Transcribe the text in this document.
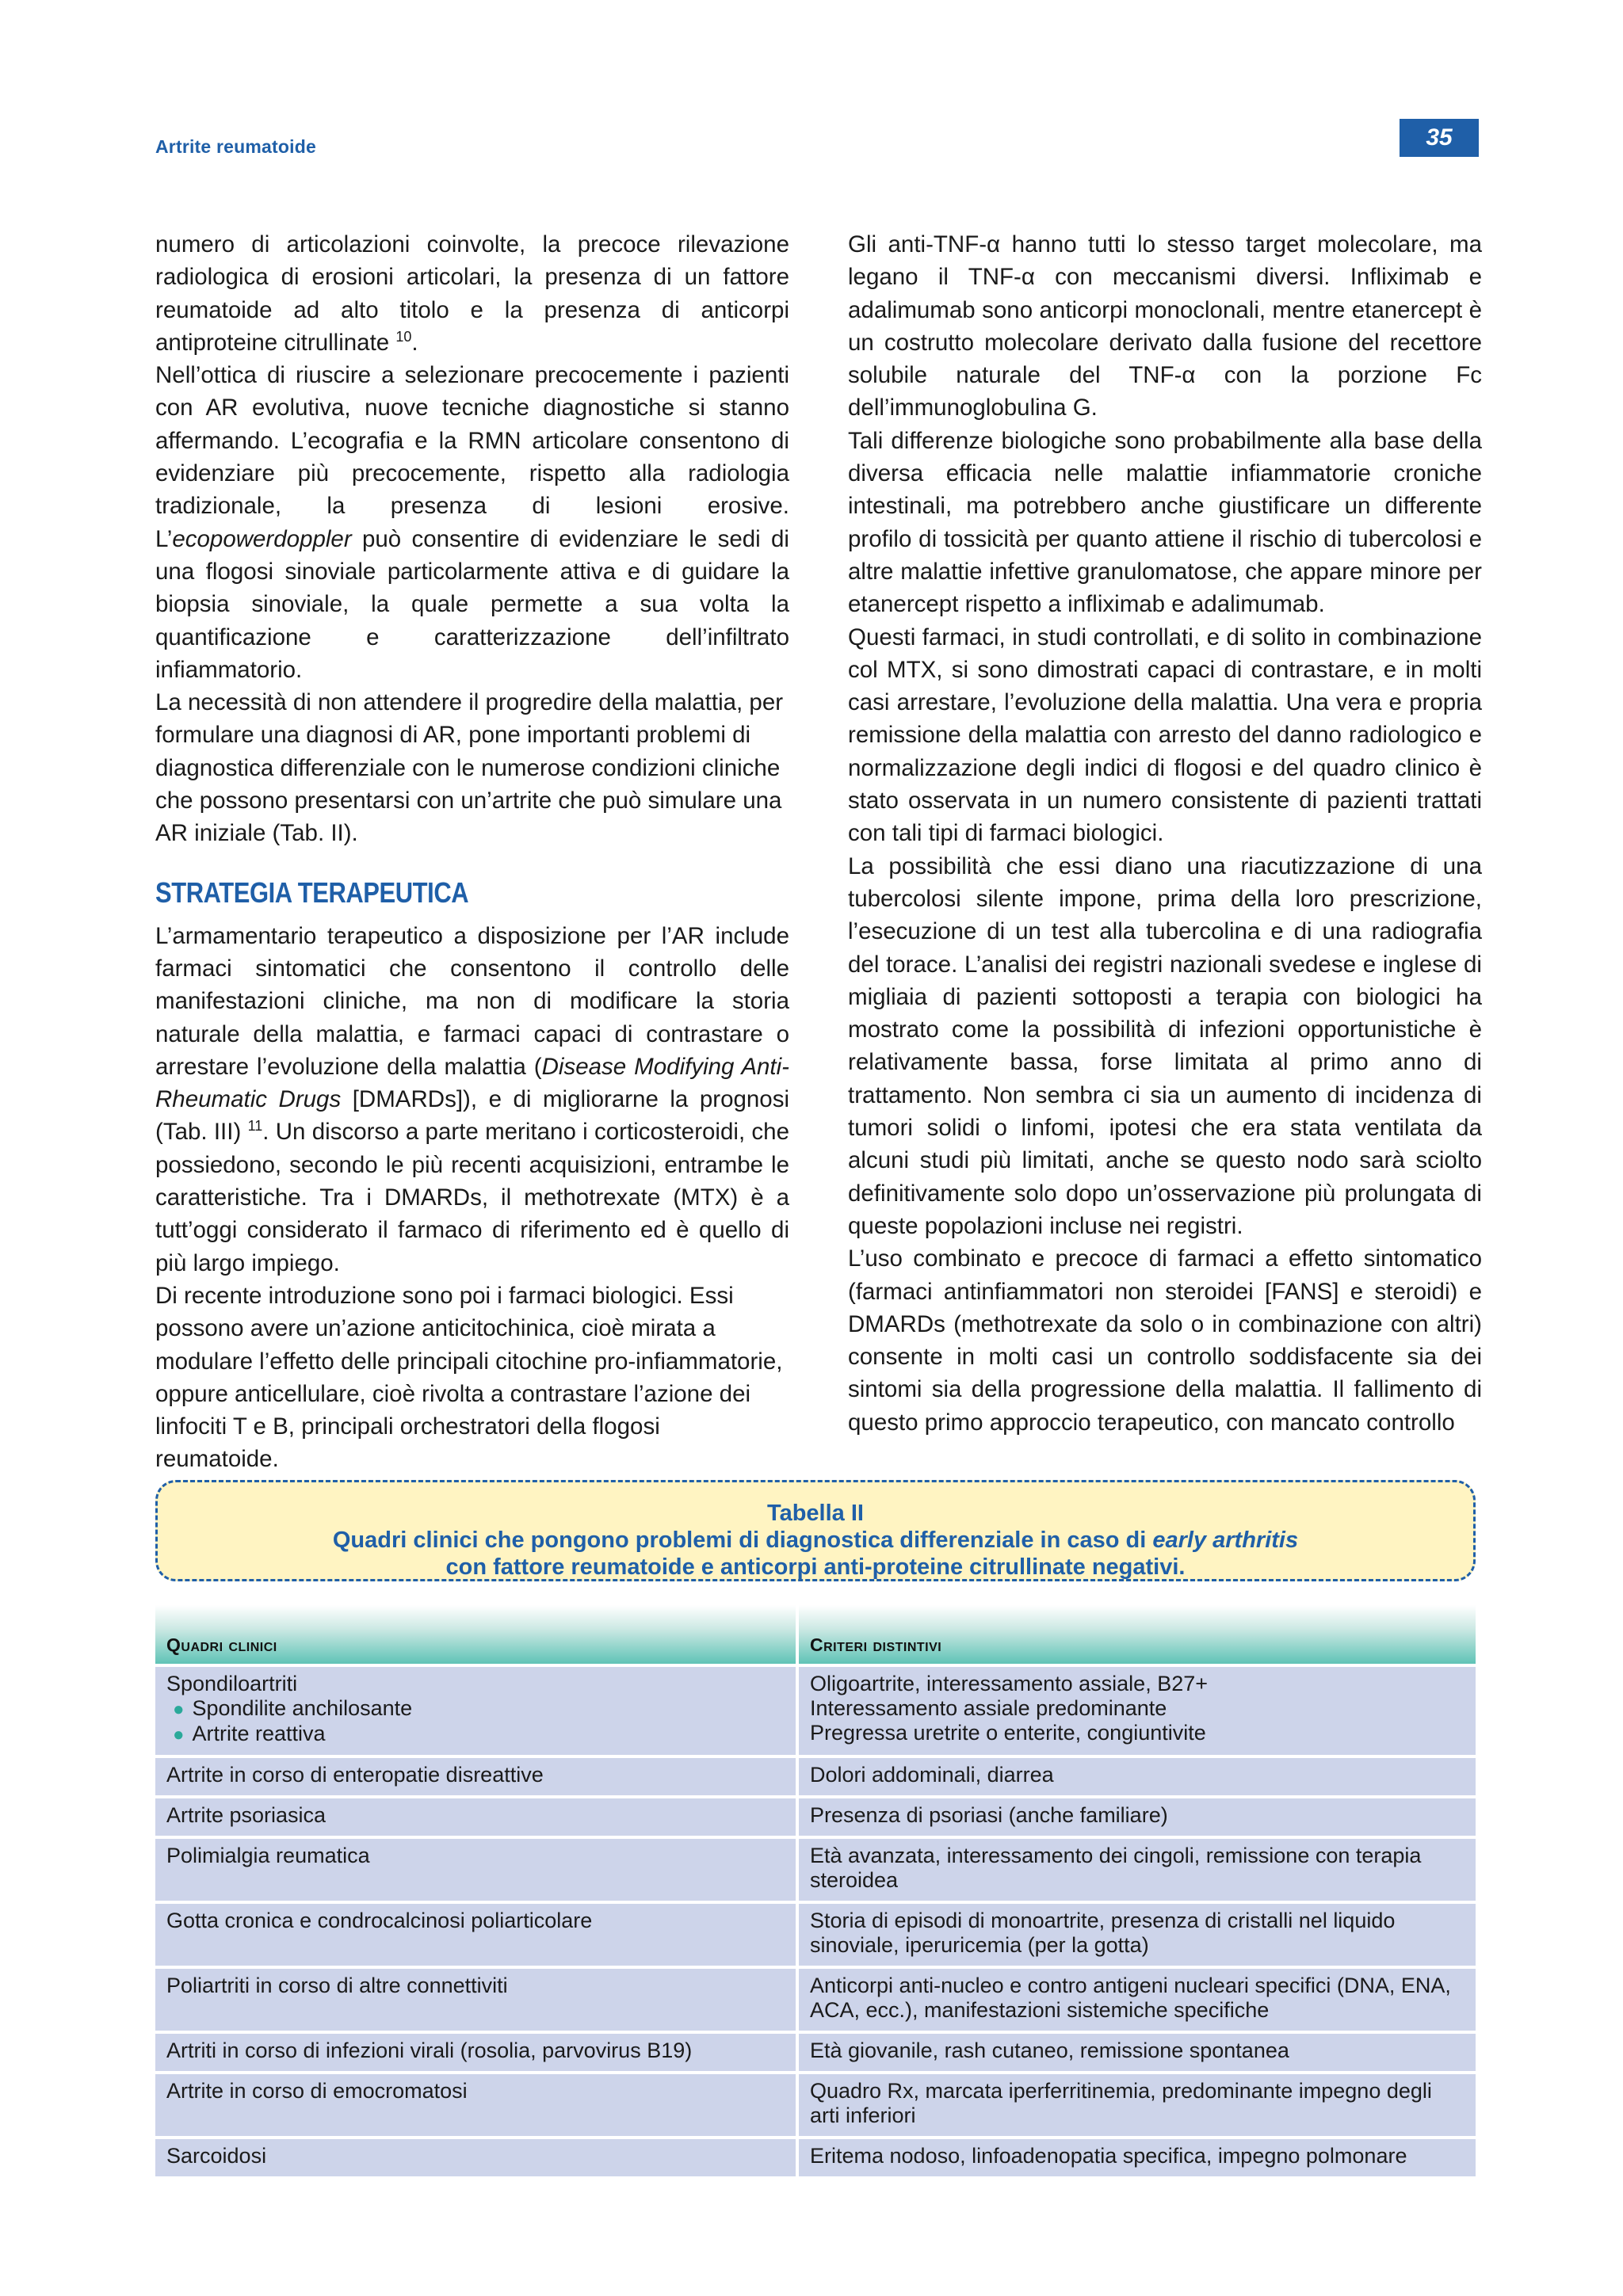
Artrite reumatoide	35

numero di articolazioni coinvolte, la precoce rilevazione radiologica di erosioni articolari, la presenza di un fattore reumatoide ad alto titolo e la presenza di anticorpi antiproteine citrullinate $^{10}$.

Nell’ottica di riuscire a selezionare precocemente i pazienti con AR evolutiva, nuove tecniche diagnostiche si stanno affermando. L’ecografia e la RMN articolare consentono di evidenziare più precocemente, rispetto alla radiologia tradizionale, la presenza di lesioni erosive. L’ecopowerdoppler può consentire di evidenziare le sedi di una flogosi sinoviale particolarmente attiva e di guidare la biopsia sinoviale, la quale permette a sua volta la quantificazione e caratterizzazione dell’infiltrato infiammatorio.

La necessità di non attendere il progredire della malattia, per formulare una diagnosi di AR, pone importanti problemi di diagnostica differenziale con le numerose condizioni cliniche che possono presentarsi con un’artrite che può simulare una AR iniziale (Tab. II).

STRATEGIA TERAPEUTICA

L’armamentario terapeutico a disposizione per l’AR include farmaci sintomatici che consentono il controllo delle manifestazioni cliniche, ma non di modificare la storia naturale della malattia, e farmaci capaci di contrastare o arrestare l’evoluzione della malattia (Disease Modifying Anti-Rheumatic Drugs [DMARDs]), e di migliorarne la prognosi (Tab. III) $^{11}$. Un discorso a parte meritano i corticosteroidi, che possiedono, secondo le più recenti acquisizioni, entrambe le caratteristiche. Tra i DMARDs, il methotrexate (MTX) è a tutt’oggi considerato il farmaco di riferimento ed è quello di più largo impiego.

Di recente introduzione sono poi i farmaci biologici. Essi possono avere un’azione anticitochinica, cioè mirata a modulare l’effetto delle principali citochine pro-infiammatorie, oppure anticellulare, cioè rivolta a contrastare l’azione dei linfociti T e B, principali orchestratori della flogosi reumatoide.

Gli anti-TNF-α hanno tutti lo stesso target molecolare, ma legano il TNF-α con meccanismi diversi. Infliximab e adalimumab sono anticorpi monoclonali, mentre etanercept è un costrutto molecolare derivato dalla fusione del recettore solubile naturale del TNF-α con la porzione Fc dell’immunoglobulina G.

Tali differenze biologiche sono probabilmente alla base della diversa efficacia nelle malattie infiammatorie croniche intestinali, ma potrebbero anche giustificare un differente profilo di tossicità per quanto attiene il rischio di tubercolosi e altre malattie infettive granulomatose, che appare minore per etanercept rispetto a infliximab e adalimumab.

Questi farmaci, in studi controllati, e di solito in combinazione col MTX, si sono dimostrati capaci di contrastare, e in molti casi arrestare, l’evoluzione della malattia. Una vera e propria remissione della malattia con arresto del danno radiologico e normalizzazione degli indici di flogosi e del quadro clinico è stato osservata in un numero consistente di pazienti trattati con tali tipi di farmaci biologici.

La possibilità che essi diano una riacutizzazione di una tubercolosi silente impone, prima della loro prescrizione, l’esecuzione di un test alla tubercolina e di una radiografia del torace. L’analisi dei registri nazionali svedese e inglese di migliaia di pazienti sottoposti a terapia con biologici ha mostrato come la possibilità di infezioni opportunistiche è relativamente bassa, forse limitata al primo anno di trattamento. Non sembra ci sia un aumento di incidenza di tumori solidi o linfomi, ipotesi che era stata ventilata da alcuni studi più limitati, anche se questo nodo sarà sciolto definitivamente solo dopo un’osservazione più prolungata di queste popolazioni incluse nei registri.

L’uso combinato e precoce di farmaci a effetto sintomatico (farmaci antinfiammatori non steroidei [FANS] e steroidi) e DMARDs (methotrexate da solo o in combinazione con altri) consente in molti casi un controllo soddisfacente sia dei sintomi sia della progressione della malattia. Il fallimento di questo primo approccio terapeutico, con mancato controllo

Tabella II
Quadri clinici che pongono problemi di diagnostica differenziale in caso di early arthritis
con fattore reumatoide e anticorpi anti-proteine citrullinate negativi.
Quadri clinici	Criteri distintivi

Spondiloartriti
● Spondilite anchilosante
● Artrite reattiva	Oligoartrite, interessamento assiale, B27+
Interessamento assiale predominante
Pregressa uretrite o enterite, congiuntivite

Artrite in corso di enteropatie disreattive	Dolori addominali, diarrea
Artrite psoriasica	Presenza di psoriasi (anche familiare)
Polimialgia reumatica	Età avanzata, interessamento dei cingoli, remissione con terapia steroidea
Gotta cronica e condrocalcinosi poliarticolare	Storia di episodi di monoartrite, presenza di cristalli nel liquido sinoviale, iperuricemia (per la gotta)
Poliartriti in corso di altre connettiviti	Anticorpi anti-nucleo e contro antigeni nucleari specifici (DNA, ENA, ACA, ecc.), manifestazioni sistemiche specifiche
Artriti in corso di infezioni virali (rosolia, parvovirus B19)	Età giovanile, rash cutaneo, remissione spontanea
Artrite in corso di emocromatosi	Quadro Rx, marcata iperferritinemia, predominante impegno degli arti inferiori
Sarcoidosi	Eritema nodoso, linfoadenopatia specifica, impegno polmonare
